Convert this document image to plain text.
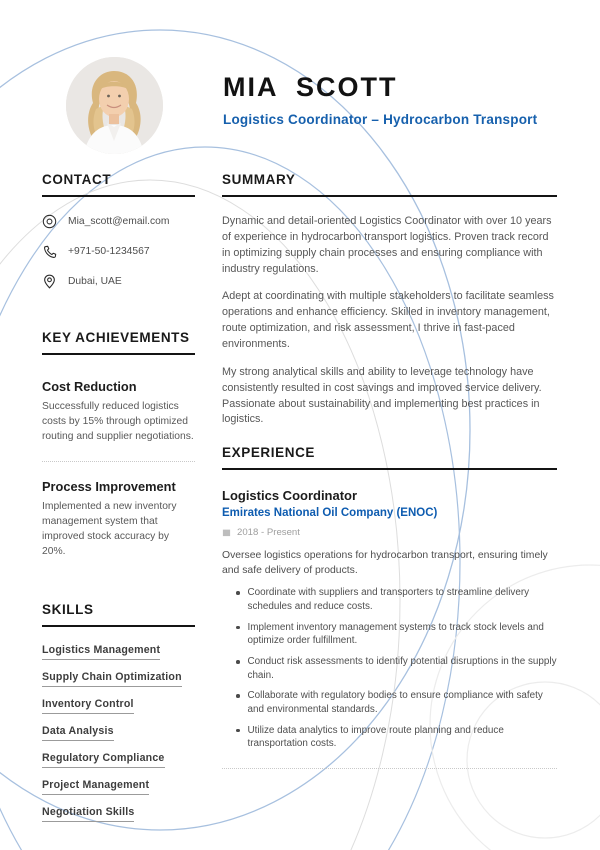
MIA SCOTT
Logistics Coordinator – Hydrocarbon Transport
CONTACT
Mia_scott@email.com
+971-50-1234567
Dubai, UAE
KEY ACHIEVEMENTS
Cost Reduction
Successfully reduced logistics costs by 15% through optimized routing and supplier negotiations.
Process Improvement
Implemented a new inventory management system that improved stock accuracy by 20%.
SKILLS
Logistics Management
Supply Chain Optimization
Inventory Control
Data Analysis
Regulatory Compliance
Project Management
Negotiation Skills
SUMMARY

Dynamic and detail-oriented Logistics Coordinator with over 10 years of experience in hydrocarbon transport logistics. Proven track record in optimizing supply chain processes and ensuring compliance with industry regulations.

Adept at coordinating with multiple stakeholders to facilitate seamless operations and enhance efficiency. Skilled in inventory management, route optimization, and risk assessment, I thrive in fast-paced environments.

My strong analytical skills and ability to leverage technology have consistently resulted in cost savings and improved service delivery. Passionate about sustainability and implementing best practices in logistics.

EXPERIENCE
Logistics Coordinator
Emirates National Oil Company (ENOC)
2018 - Present
Oversee logistics operations for hydrocarbon transport, ensuring timely and safe delivery of products.
Coordinate with suppliers and transporters to streamline delivery schedules and reduce costs.
Implement inventory management systems to track stock levels and optimize order fulfillment.
Conduct risk assessments to identify potential disruptions in the supply chain.
Collaborate with regulatory bodies to ensure compliance with safety and environmental standards.
Utilize data analytics to improve route planning and reduce transportation costs.
